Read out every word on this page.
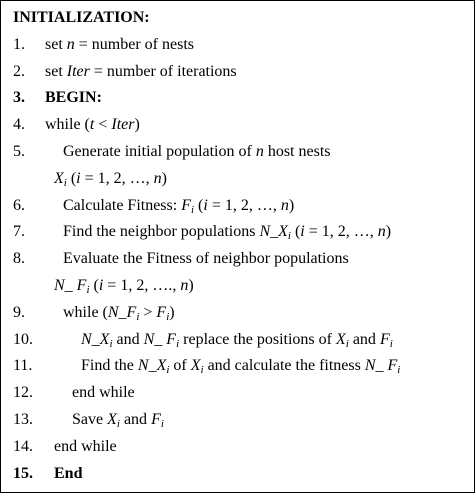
INITIALIZATION:
1. set n = number of nests
2. set Iter = number of iterations
3. BEGIN:
4. while (t < Iter)
5. Generate initial population of n host nests
$X_i$ (i = 1, 2, …, n)
6. Calculate Fitness: $F_i$ (i = 1, 2, …, n)
7. Find the neighbor populations $N\_X_i$ (i = 1, 2, …, n)
8. Evaluate the Fitness of neighbor populations
N_ $F_i$ (i = 1, 2, …., n)
9. while $(N\_F_i > F_i)$
10.	$N\_X_i$ and N_ $F_i$ replace the positions of $X_i$ and $F_i$
11.	Find the $N\_X_i$ of $X_i$ and calculate the fitness N_ $F_i$
12. end while
13. Save $X_i$ and $F_i$
14. end while
15. End
